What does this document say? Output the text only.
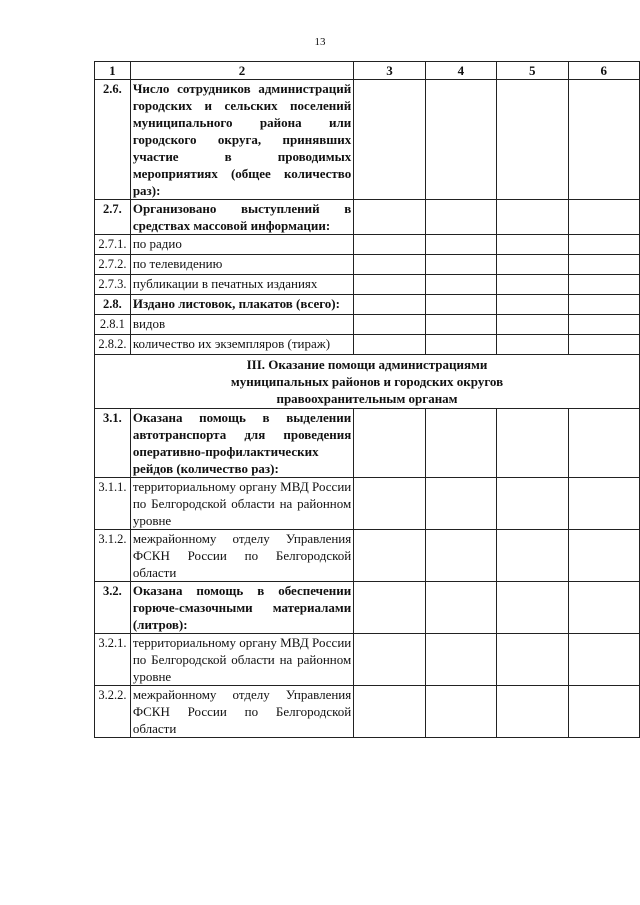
13
1	2	3	4	5	6
2.6.	Число сотрудников администраций городских и сельских поселений муниципального района или городского округа, принявших участие в проводимых мероприятиях (общее количество раз):				
2.7.	Организовано выступлений в средствах массовой информации:				
2.7.1.	по радио				
2.7.2.	по телевидению				
2.7.3.	публикации в печатных изданиях				
2.8.	Издано листовок, плакатов (всего):				
2.8.1	видов				
2.8.2.	количество их экземпляров (тираж)				

III. Оказание помощи администрациями
муниципальных районов и городских округов
правоохранительным органам					

3.1.	Оказана помощь в выделении автотранспорта для проведения оперативно-профилактических рейдов (количество раз):				
3.1.1.	территориальному органу МВД России по Белгородской области на районном уровне				
3.1.2.	межрайонному отделу Управления ФСКН России по Белгородской области				
3.2.	Оказана помощь в обеспечении горюче-смазочными материалами (литров):				
3.2.1.	территориальному органу МВД России по Белгородской области на районном уровне				
3.2.2.	межрайонному отделу Управления ФСКН России по Белгородской области				
